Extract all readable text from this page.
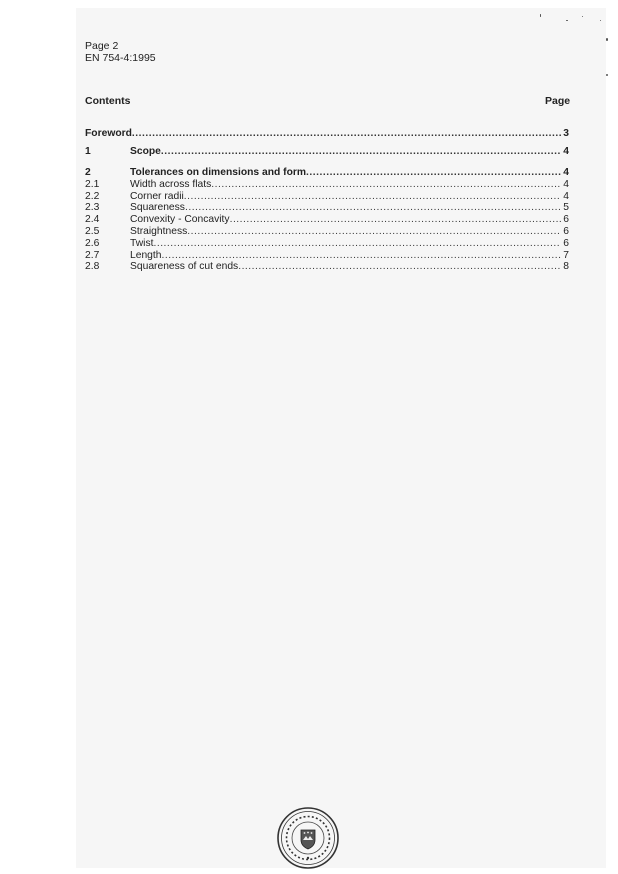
Page 2
EN 754-4:1995
Contents	Page
Foreword .....	3
1	Scope .....	4
2	Tolerances on dimensions and form .....	4
2.1	Width across flats .....	4
2.2	Corner radii .....	4
2.3	Squareness .....	5
2.4	Convexity - Concavity .....	6
2.5	Straightness .....	6
2.6	Twist .....	6
2.7	Length .....	7
2.8	Squareness of cut ends .....	8
